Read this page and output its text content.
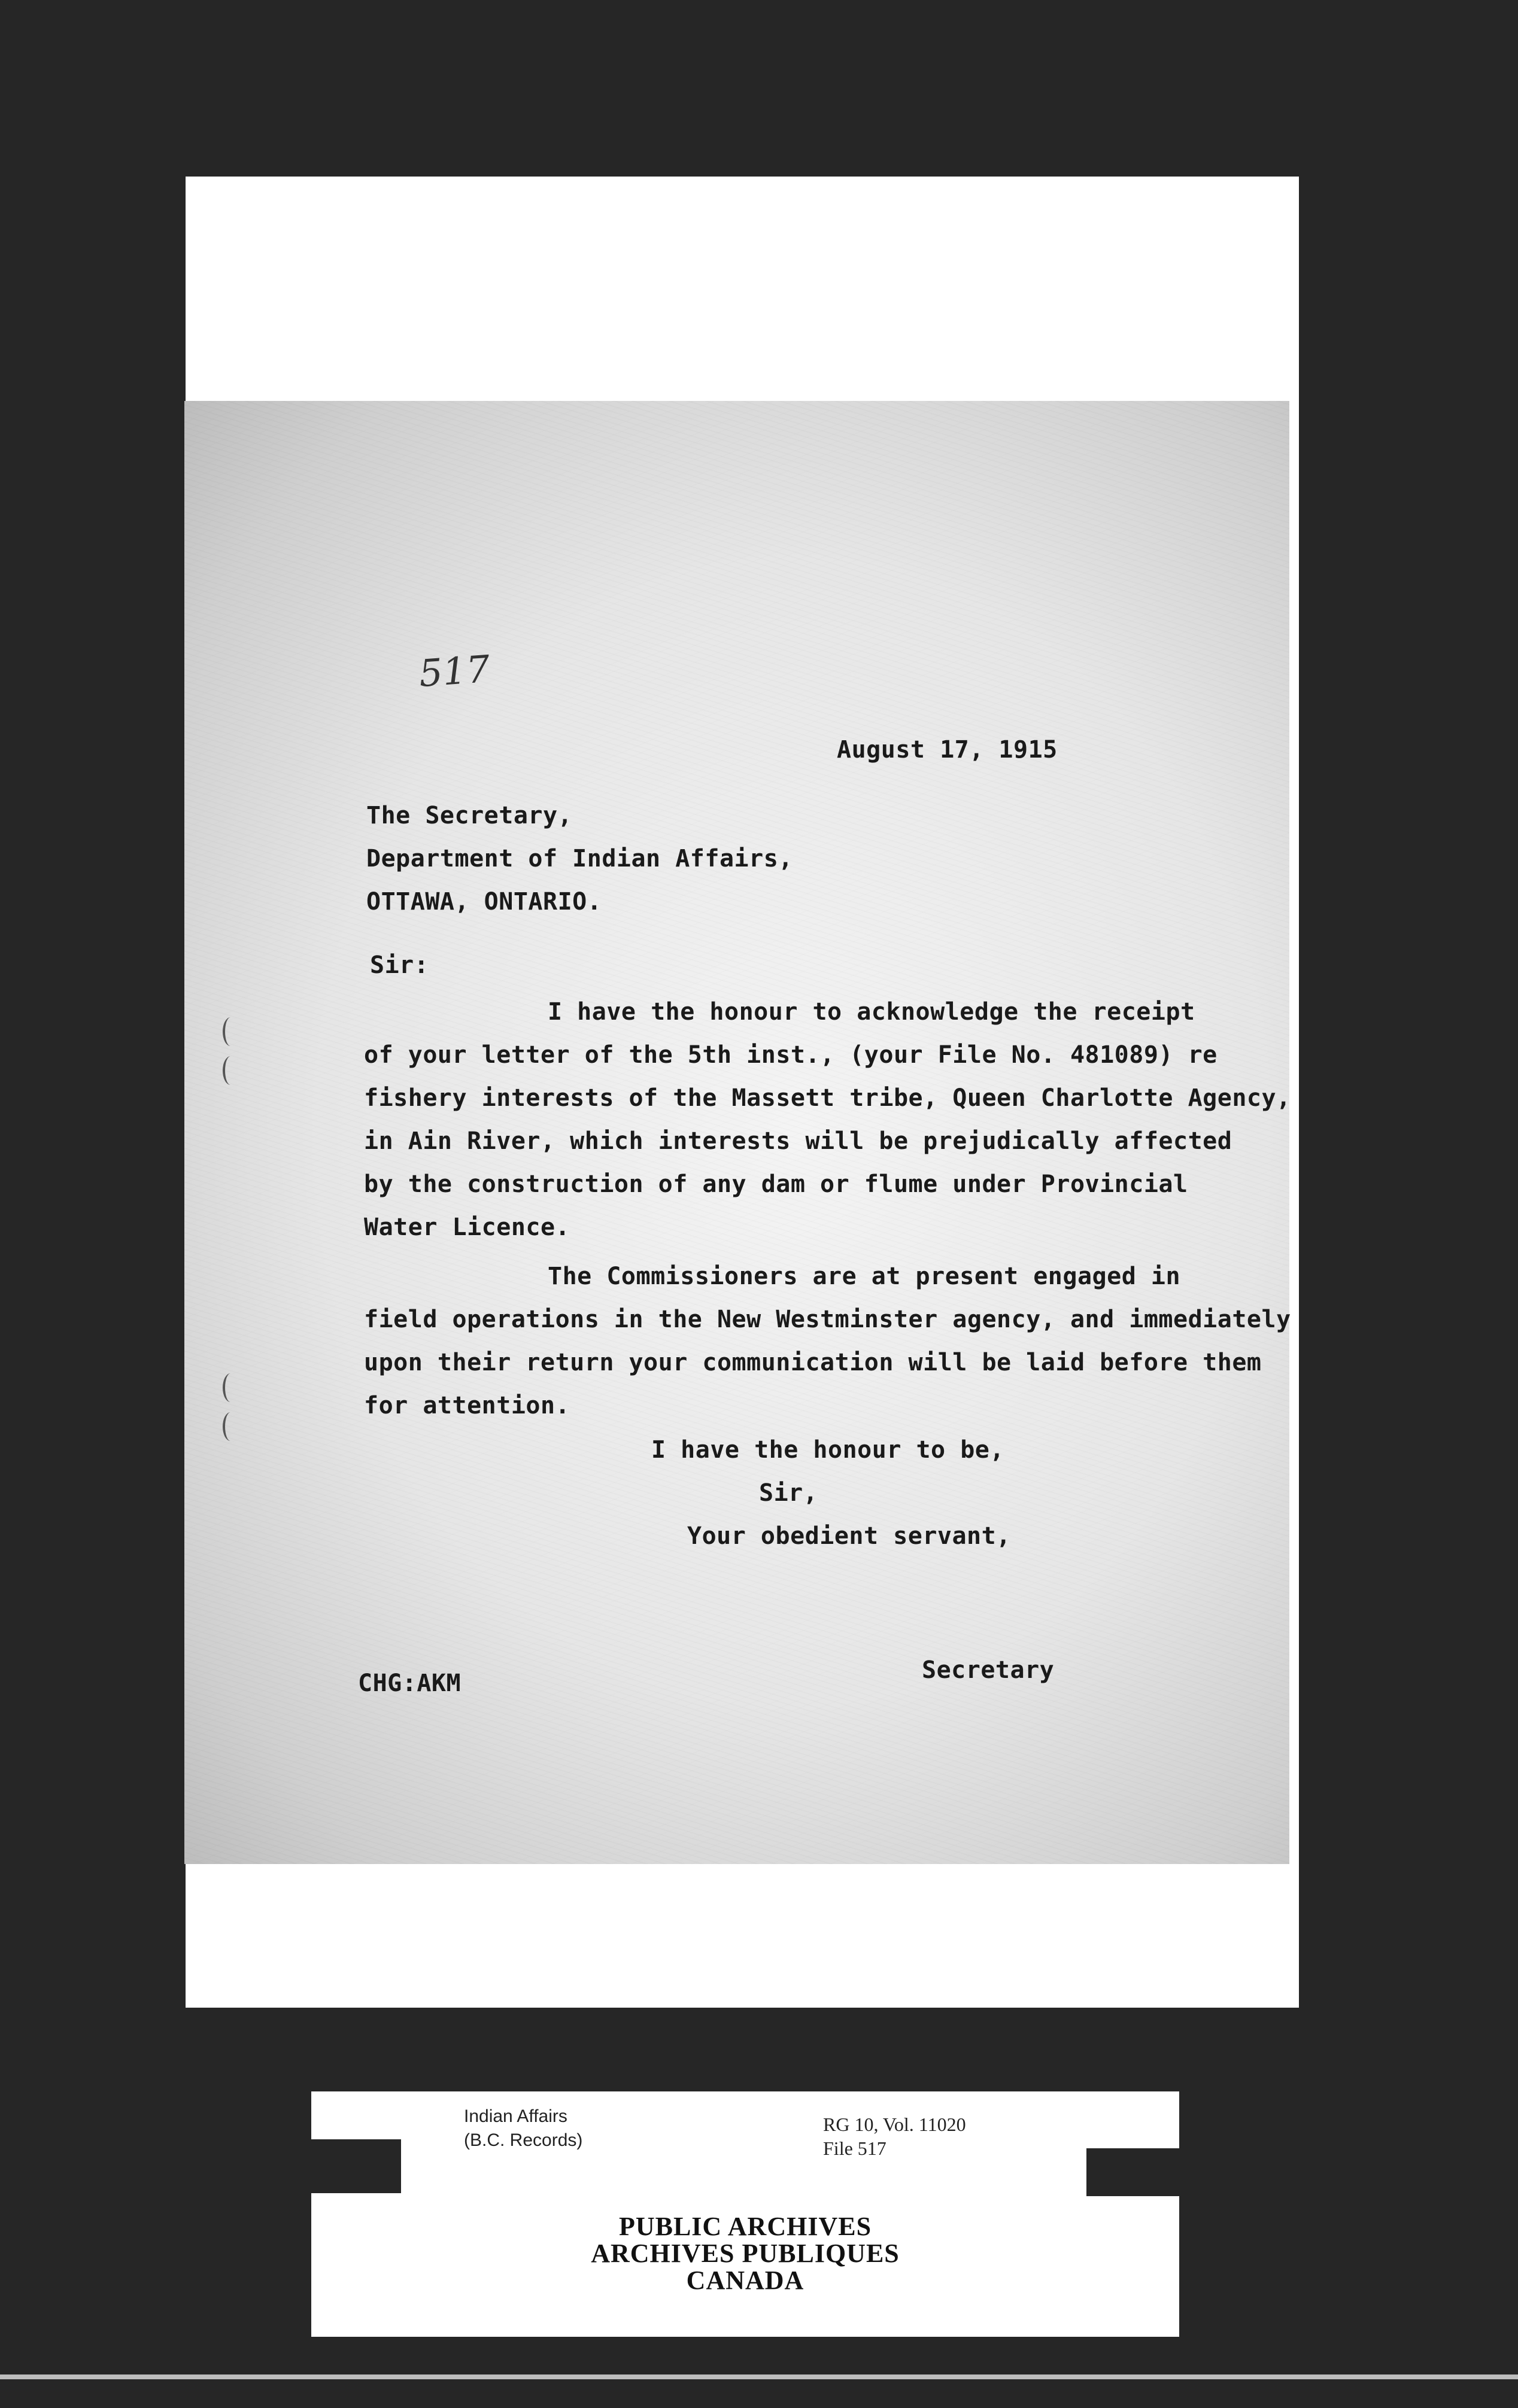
517
August 17, 1915
The Secretary,
Department of Indian Affairs,
OTTAWA, ONTARIO.
Sir:
I have the honour to acknowledge the receipt
of your letter of the 5th inst., (your File No. 481089) re
fishery interests of the Massett tribe, Queen Charlotte Agency,
in Ain River, which interests will be prejudically affected
by the construction of any dam or flume under Provincial
Water Licence.
The Commissioners are at present engaged in
field operations in the New Westminster agency, and immediately
upon their return your communication will be laid before them
for attention.
I have the honour to be,
Sir,
Your obedient servant,
Secretary
CHG:AKM
Indian Affairs
(B.C. Records)
RG 10, Vol. 11020
File 517
PUBLIC ARCHIVES
ARCHIVES PUBLIQUES
CANADA
